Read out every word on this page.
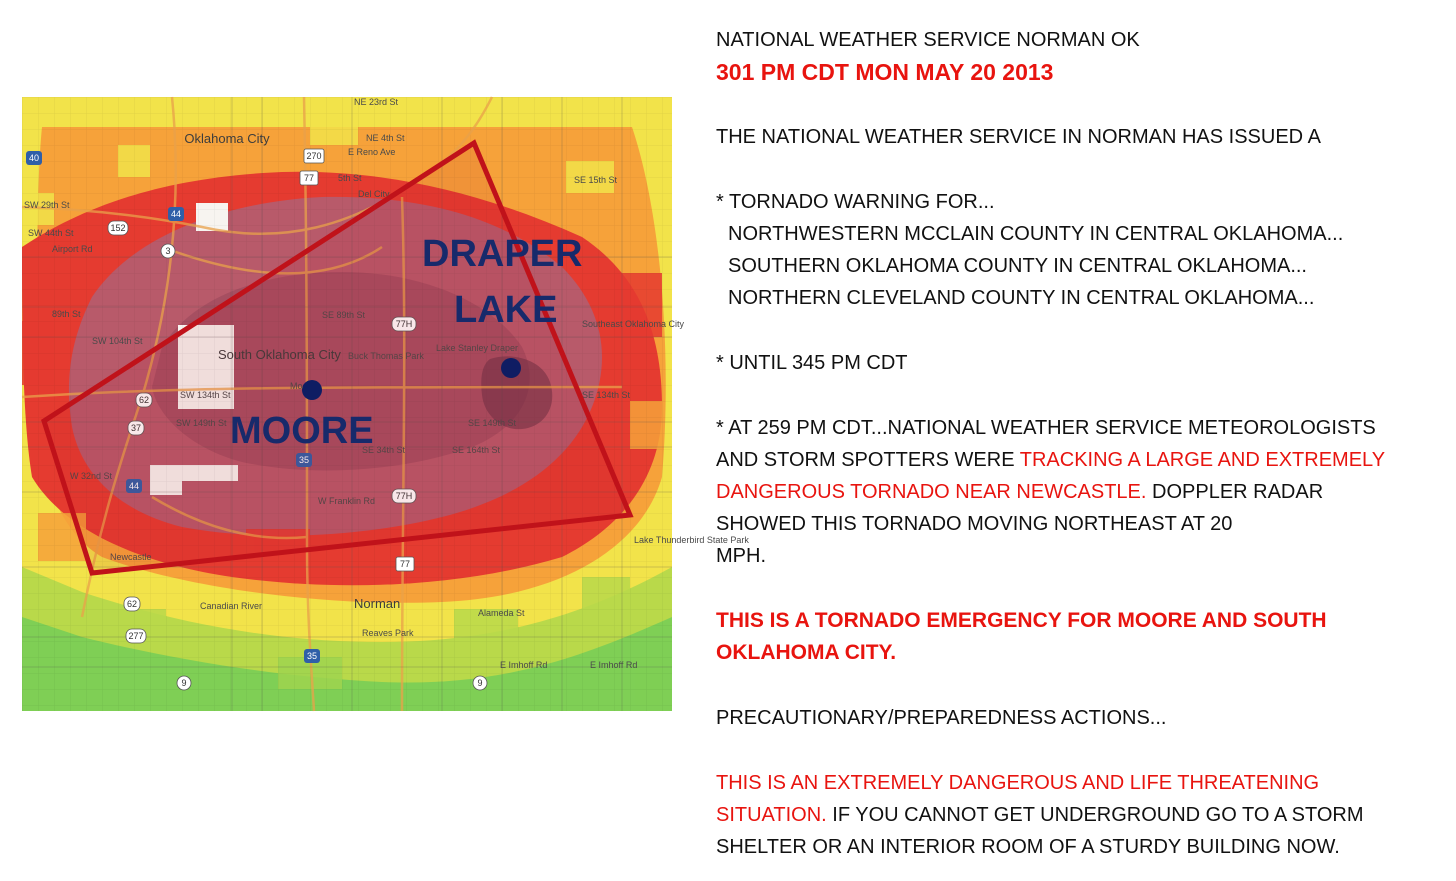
Oklahoma City
Norman
Del City
Southeast Oklahoma City
Lake Thunderbird State Park
Reaves Park
Canadian River
SW 29th St
SW 44th St
89th St
SW 104th St
SE 134th St
E Imhoff Rd	E Imhoff Rd
Alameda St
Airport Rd
NE 23rd St
NE 4th St
E Reno Ave
5th St	SE 15th St
40
44
35
77
77
62
152
270
277
3
9	9
MOORE
DRAPER
LAKE
NATIONAL WEATHER SERVICE NORMAN OK
301 PM CDT MON MAY 20 2013
THE NATIONAL WEATHER SERVICE IN NORMAN HAS ISSUED A
* TORNADO WARNING FOR...
NORTHWESTERN MCCLAIN COUNTY IN CENTRAL OKLAHOMA...
SOUTHERN OKLAHOMA COUNTY IN CENTRAL OKLAHOMA...
NORTHERN CLEVELAND COUNTY IN CENTRAL OKLAHOMA...
* UNTIL 345 PM CDT
* AT 259 PM CDT...NATIONAL WEATHER SERVICE METEOROLOGISTS
AND STORM SPOTTERS WERE TRACKING A LARGE AND EXTREMELY
DANGEROUS TORNADO NEAR NEWCASTLE. DOPPLER RADAR
SHOWED THIS TORNADO MOVING NORTHEAST AT 20
MPH.
THIS IS A TORNADO EMERGENCY FOR MOORE AND SOUTH
OKLAHOMA CITY.
PRECAUTIONARY/PREPAREDNESS ACTIONS...
THIS IS AN EXTREMELY DANGEROUS AND LIFE THREATENING
SITUATION. IF YOU CANNOT GET UNDERGROUND GO TO A STORM
SHELTER OR AN INTERIOR ROOM OF A STURDY BUILDING NOW.
